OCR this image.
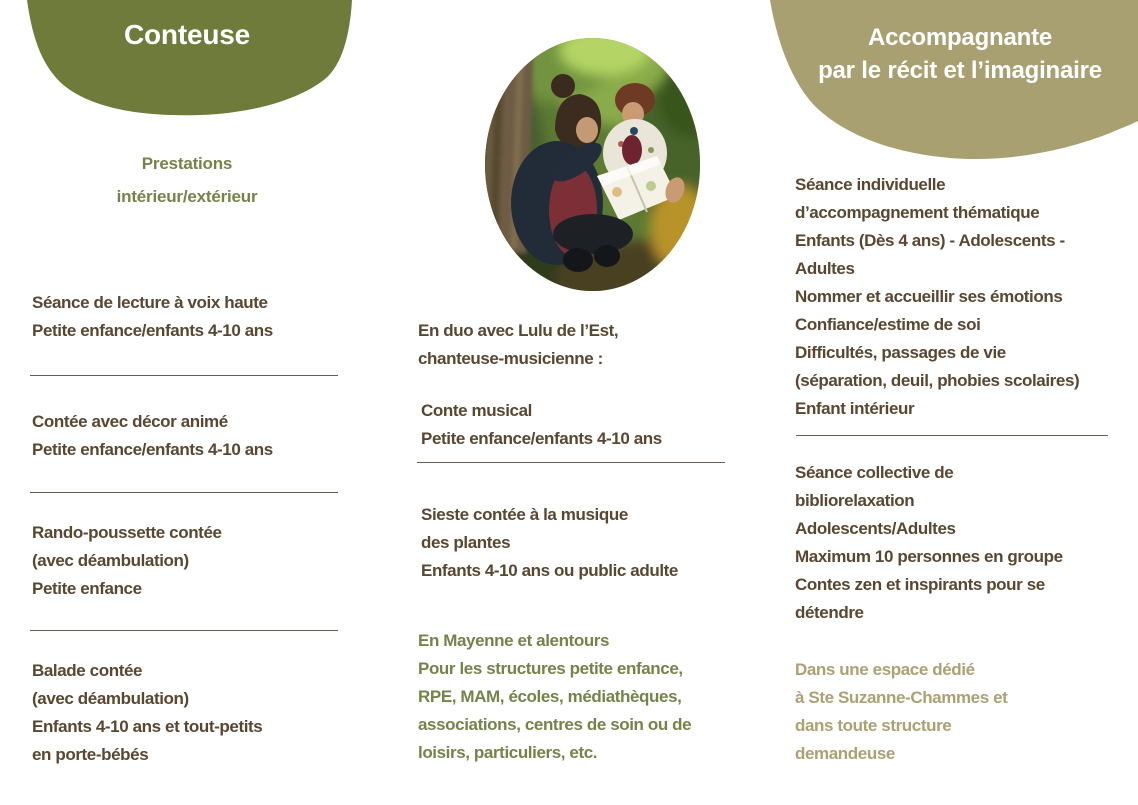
Conteuse
Prestations
intérieur/extérieur
Séance de lecture à voix haute
Petite enfance/enfants 4-10 ans
Contée avec décor animé
Petite enfance/enfants 4-10 ans
Rando-poussette contée
(avec déambulation)
Petite enfance
Balade contée
(avec déambulation)
Enfants 4-10 ans et tout-petits
en porte-bébés
En duo avec Lulu de l’Est,
chanteuse-musicienne :
Conte musical
Petite enfance/enfants 4-10 ans
Sieste contée à la musique
des plantes
Enfants 4-10 ans ou public adulte
En Mayenne et alentours
Pour les structures petite enfance,
RPE, MAM, écoles, médiathèques,
associations, centres de soin ou de
loisirs, particuliers, etc.
Accompagnante
par le récit et l’imaginaire
Séance individuelle
d’accompagnement thématique
Enfants (Dès 4 ans) - Adolescents -
Adultes
Nommer et accueillir ses émotions
Confiance/estime de soi
Difficultés, passages de vie
(séparation, deuil, phobies scolaires)
Enfant intérieur
Séance collective de
bibliorelaxation
Adolescents/Adultes
Maximum 10 personnes en groupe
Contes zen et inspirants pour se
détendre
Dans une espace dédié
à Ste Suzanne-Chammes et
dans toute structure
demandeuse
